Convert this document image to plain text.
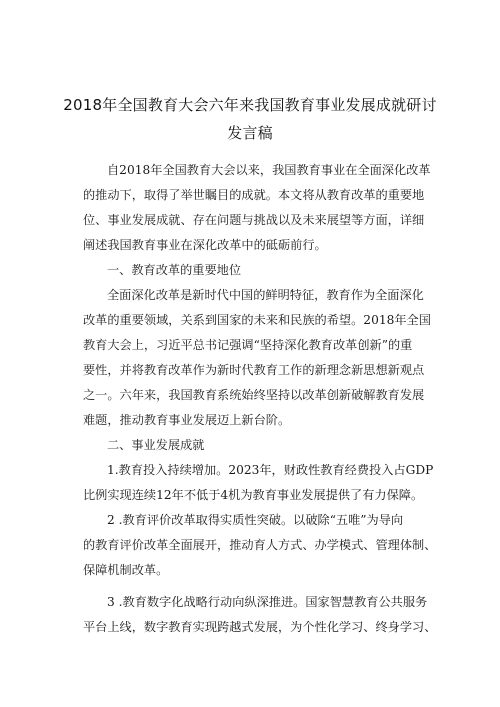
2018年全国教育大会六年来我国教育事业发展成就研讨
发言稿
自2018年全国教育大会以来，我国教育事业在全面深化改革
的推动下，取得了举世瞩目的成就。本文将从教育改革的重要地
位、事业发展成就、存在问题与挑战以及未来展望等方面，详细
阐述我国教育事业在深化改革中的砥砺前行。
一、教育改革的重要地位
全面深化改革是新时代中国的鲜明特征，教育作为全面深化
改革的重要领域，关系到国家的未来和民族的希望。2018年全国
教育大会上，习近平总书记强调“坚持深化教育改革创新”的重
要性，并将教育改革作为新时代教育工作的新理念新思想新观点
之一。六年来，我国教育系统始终坚持以改革创新破解教育发展
难题，推动教育事业发展迈上新台阶。
二、事业发展成就
1.教育投入持续增加。2023年，财政性教育经费投入占GDP
比例实现连续12年不低于4机为教育事业发展提供了有力保障。
2 .教育评价改革取得实质性突破。以破除“五唯”为导向
的教育评价改革全面展开，推动育人方式、办学模式、管理体制、
保障机制改革。
3 .教育数字化战略行动向纵深推进。国家智慧教育公共服务
平台上线，数字教育实现跨越式发展，为个性化学习、终身学习、
